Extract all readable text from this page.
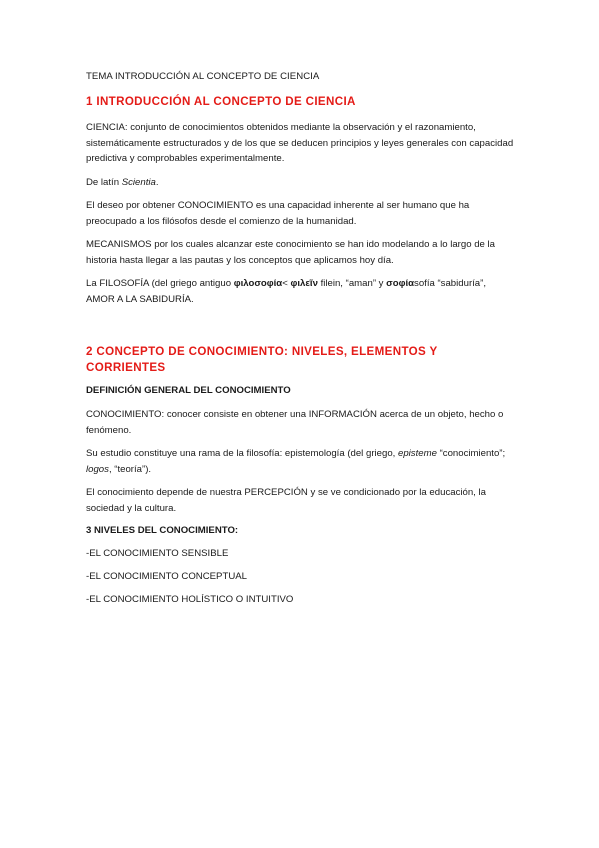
TEMA INTRODUCCIÓN AL CONCEPTO DE CIENCIA
1 INTRODUCCIÓN AL CONCEPTO DE CIENCIA

CIENCIA: conjunto de conocimientos obtenidos mediante la observación y el razonamiento, sistemáticamente estructurados y de los que se deducen principios y leyes generales con capacidad predictiva y comprobables experimentalmente.

De latín Scientia.

El deseo por obtener CONOCIMIENTO es una capacidad inherente al ser humano que ha preocupado a los filósofos desde el comienzo de la humanidad.

MECANISMOS por los cuales alcanzar este conocimiento se han ido modelando a lo largo de la historia hasta llegar a las pautas y los conceptos que aplicamos hoy día.

La FILOSOFÍA (del griego antiguo φιλοσοφία< φιλεῖν filein, “aman” y σοφίαsofía “sabiduría”, AMOR A LA SABIDURÍA.

2 CONCEPTO DE CONOCIMIENTO: NIVELES, ELEMENTOS Y CORRIENTES
DEFINICIÓN GENERAL DEL CONOCIMIENTO

CONOCIMIENTO: conocer consiste en obtener una INFORMACIÓN acerca de un objeto, hecho o fenómeno.

Su estudio constituye una rama de la filosofía: epistemología (del griego, episteme “conocimiento”; logos, “teoría”).

El conocimiento depende de nuestra PERCEPCIÓN y se ve condicionado por la educación, la sociedad y la cultura.

3 NIVELES DEL CONOCIMIENTO:
-EL CONOCIMIENTO SENSIBLE
-EL CONOCIMIENTO CONCEPTUAL
-EL CONOCIMIENTO HOLÍSTICO O INTUITIVO
